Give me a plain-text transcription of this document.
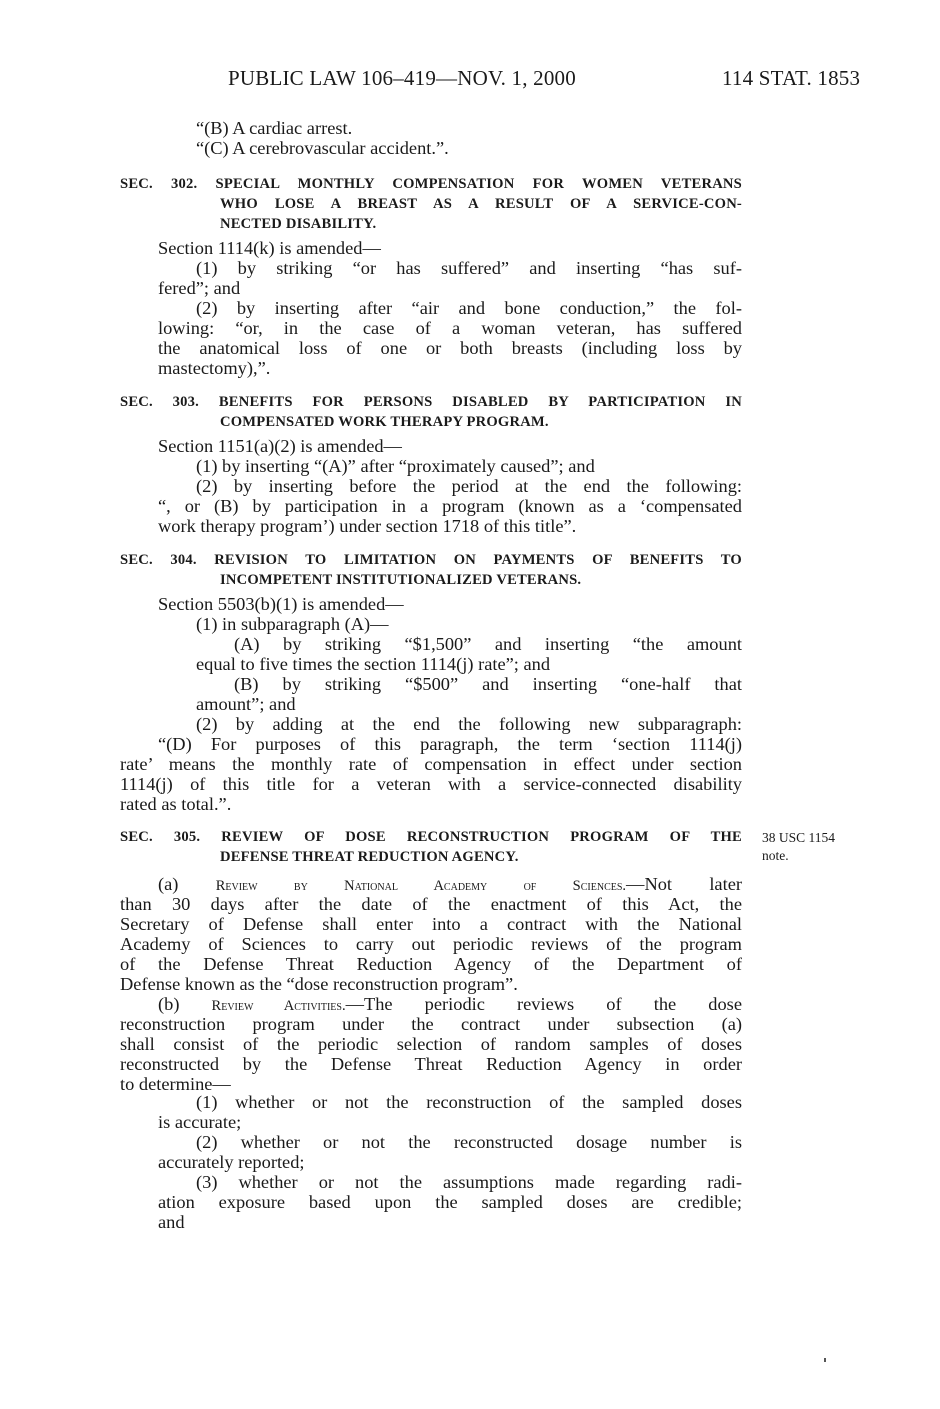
PUBLIC LAW 106–419—NOV. 1, 2000	114 STAT. 1853
“(B) A cardiac arrest.
“(C) A cerebrovascular accident.”.
SEC. 302. SPECIAL MONTHLY COMPENSATION FOR WOMEN VETERANS
WHO LOSE A BREAST AS A RESULT OF A SERVICE-CON-
NECTED DISABILITY.
Section 1114(k) is amended—
(1) by striking “or has suffered” and inserting “has suf-
fered”; and
(2) by inserting after “air and bone conduction,” the fol-
lowing: “or, in the case of a woman veteran, has suffered
the anatomical loss of one or both breasts (including loss by
mastectomy),”.
SEC. 303. BENEFITS FOR PERSONS DISABLED BY PARTICIPATION IN
COMPENSATED WORK THERAPY PROGRAM.
Section 1151(a)(2) is amended—
(1) by inserting “(A)” after “proximately caused”; and
(2) by inserting before the period at the end the following:
“, or (B) by participation in a program (known as a ‘compensated
work therapy program’) under section 1718 of this title”.
SEC. 304. REVISION TO LIMITATION ON PAYMENTS OF BENEFITS TO
INCOMPETENT INSTITUTIONALIZED VETERANS.
Section 5503(b)(1) is amended—
(1) in subparagraph (A)—
(A) by striking “$1,500” and inserting “the amount
equal to five times the section 1114(j) rate”; and
(B) by striking “$500” and inserting “one-half that
amount”; and
(2) by adding at the end the following new subparagraph:
“(D) For purposes of this paragraph, the term ‘section 1114(j)
rate’ means the monthly rate of compensation in effect under section
1114(j) of this title for a veteran with a service-connected disability
rated as total.”.
SEC. 305. REVIEW OF DOSE RECONSTRUCTION PROGRAM OF THE
DEFENSE THREAT REDUCTION AGENCY.
38 USC 1154
note.
(a)	Review by National Academy of Sciences.—Not later
than 30 days after the date of the enactment of this Act, the
Secretary of Defense shall enter into a contract with the National
Academy of Sciences to carry out periodic reviews of the program
of the Defense Threat Reduction Agency of the Department of
Defense known as the “dose reconstruction program”.
(b) Review Activities.—The periodic reviews of the dose
reconstruction program under the contract under subsection (a)
shall consist of the periodic selection of random samples of doses
reconstructed by the Defense Threat Reduction Agency in order
to determine—
(1) whether or not the reconstruction of the sampled doses
is accurate;
(2) whether or not the reconstructed dosage number is
accurately reported;
(3) whether or not the assumptions made regarding radi-
ation exposure based upon the sampled doses are credible;
and
